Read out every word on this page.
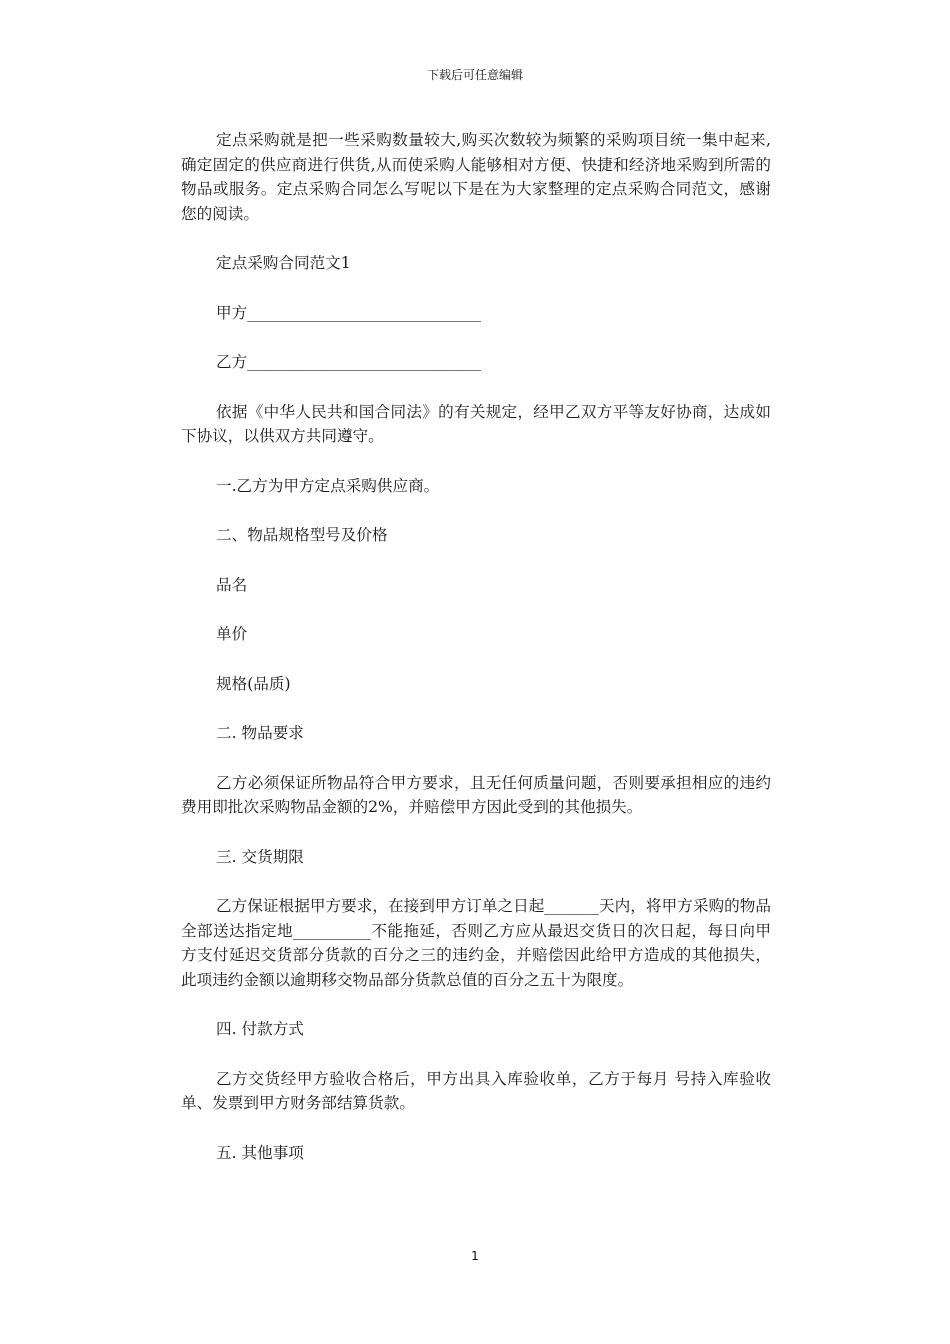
下载后可任意编辑

定点采购就是把一些采购数量较大,购买次数较为频繁的采购项目统一集中起来,确定固定的供应商进行供货,从而使采购人能够相对方便、快捷和经济地采购到所需的物品或服务。定点采购合同怎么写呢以下是在为大家整理的定点采购合同范文，感谢您的阅读。

定点采购合同范文1

甲方______________________________

乙方______________________________

依据《中华人民共和国合同法》的有关规定，经甲乙双方平等友好协商，达成如下协议，以供双方共同遵守。

一.乙方为甲方定点采购供应商。

二、物品规格型号及价格

品名

单价

规格(品质)

二. 物品要求

乙方必须保证所物品符合甲方要求，且无任何质量问题，否则要承担相应的违约费用即批次采购物品金额的2%，并赔偿甲方因此受到的其他损失。

三. 交货期限

乙方保证根据甲方要求，在接到甲方订单之日起_______天内，将甲方采购的物品全部送达指定地__________不能拖延，否则乙方应从最迟交货日的次日起，每日向甲方支付延迟交货部分货款的百分之三的违约金，并赔偿因此给甲方造成的其他损失，此项违约金额以逾期移交物品部分货款总值的百分之五十为限度。

四. 付款方式

乙方交货经甲方验收合格后，甲方出具入库验收单，乙方于每月 号持入库验收单、发票到甲方财务部结算货款。

五. 其他事项

1
